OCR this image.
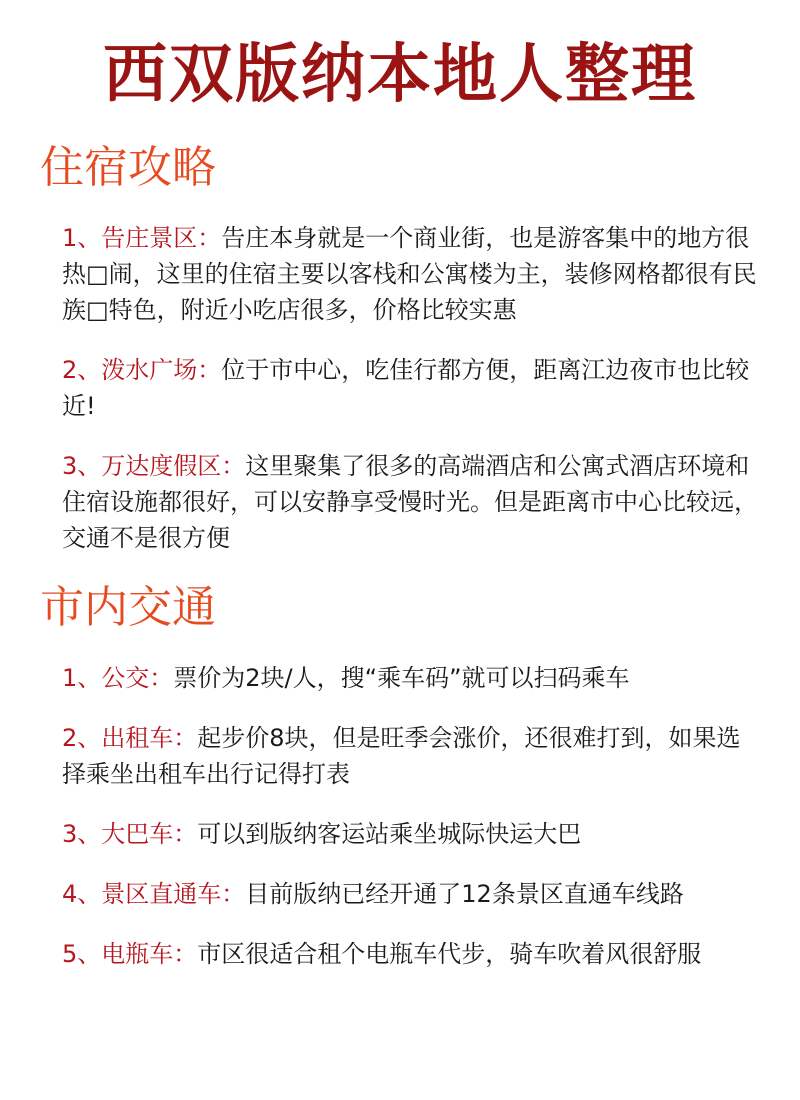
西双版纳本地人整理
住宿攻略

1、告庄景区：告庄本身就是一个商业街，也是游客集中的地方很热□闹，这里的住宿主要以客栈和公寓楼为主，装修网格都很有民族□特色，附近小吃店很多，价格比较实惠

2、泼水广场：位于市中心，吃佳行都方便，距离江边夜市也比较近!

3、万达度假区：这里聚集了很多的高端酒店和公寓式酒店环境和住宿设施都很好，可以安静享受慢时光。但是距离市中心比较远，交通不是很方便

市内交通

1、公交：票价为2块/人，搜“乘车码”就可以扫码乘车

2、出租车：起步价8块，但是旺季会涨价，还很难打到，如果选择乘坐出租车出行记得打表

3、大巴车：可以到版纳客运站乘坐城际快运大巴

4、景区直通车：目前版纳已经开通了12条景区直通车线路

5、电瓶车：市区很适合租个电瓶车代步，骑车吹着风很舒服
